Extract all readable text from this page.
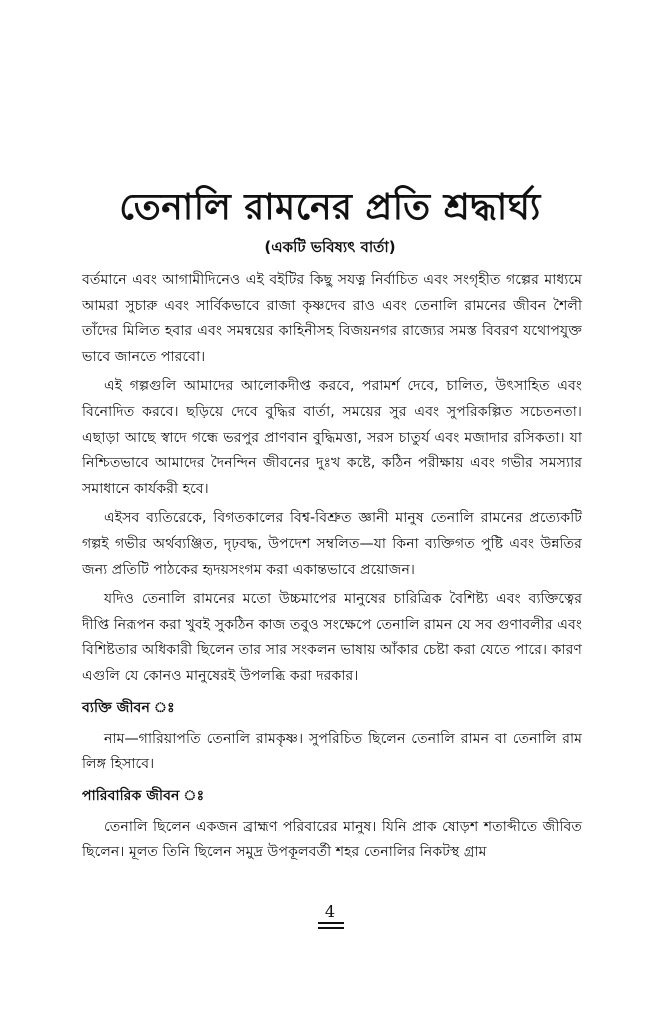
তেনালি রামনের প্রতি শ্রদ্ধার্ঘ্য
(একটি ভবিষ্যৎ বার্তা)

বর্তমানে এবং আগামীদিনেও এই বইটির কিছু সযত্ন নির্বাচিত এবং সংগৃহীত গল্পের মাধ্যমে আমরা সুচারু এবং সার্বিকভাবে রাজা কৃষ্ণদেব রাও এবং তেনালি রামনের জীবন শৈলী তাঁদের মিলিত হবার এবং সমন্বয়ের কাহিনীসহ বিজয়নগর রাজ্যের সমস্ত বিবরণ যথোপযুক্ত ভাবে জানতে পারবো।

এই গল্পগুলি আমাদের আলোকদীপ্ত করবে, পরামর্শ দেবে, চালিত, উৎসাহিত এবং বিনোদিত করবে। ছড়িয়ে দেবে বুদ্ধির বার্তা, সময়ের সুর এবং সুপরিকল্পিত সচেতনতা। এছাড়া আছে স্বাদে গন্ধে ভরপুর প্রাণবান বুদ্ধিমত্তা, সরস চাতুর্য এবং মজাদার রসিকতা। যা নিশ্চিতভাবে আমাদের দৈনন্দিন জীবনের দুঃখ কষ্টে, কঠিন পরীক্ষায় এবং গভীর সমস্যার সমাধানে কার্যকরী হবে।

এইসব ব্যতিরেকে, বিগতকালের বিশ্ব-বিশ্রুত জ্ঞানী মানুষ তেনালি রামনের প্রত্যেকটি গল্পই গভীর অর্থব্যঞ্জিত, দৃঢ়বদ্ধ, উপদেশ সম্বলিত—যা কিনা ব্যক্তিগত পুষ্টি এবং উন্নতির জন্য প্রতিটি পাঠকের হৃদয়সংগম করা একান্তভাবে প্রয়োজন।

যদিও তেনালি রামনের মতো উচ্চমাপের মানুষের চারিত্রিক বৈশিষ্ট্য এবং ব্যক্তিত্বের দীপ্তি নিরূপন করা খুবই সুকঠিন কাজ তবুও সংক্ষেপে তেনালি রামন যে সব গুণাবলীর এবং বিশিষ্টতার অধিকারী ছিলেন তার সার সংকলন ভাষায় আঁকার চেষ্টা করা যেতে পারে। কারণ এগুলি যে কোনও মানুষেরই উপলব্ধি করা দরকার।

ব্যক্তি জীবন ঃ

নাম—গারিয়াপতি তেনালি রামকৃষ্ণ। সুপরিচিত ছিলেন তেনালি রামন বা তেনালি রাম লিঙ্গ হিসাবে।

পারিবারিক জীবন ঃ

তেনালি ছিলেন একজন ব্রাহ্মণ পরিবারের মানুষ। যিনি প্রাক ষোড়শ শতাব্দীতে জীবিত ছিলেন। মূলত তিনি ছিলেন সমুদ্র উপকূলবর্তী শহর তেনালির নিকটস্থ গ্রাম

4
